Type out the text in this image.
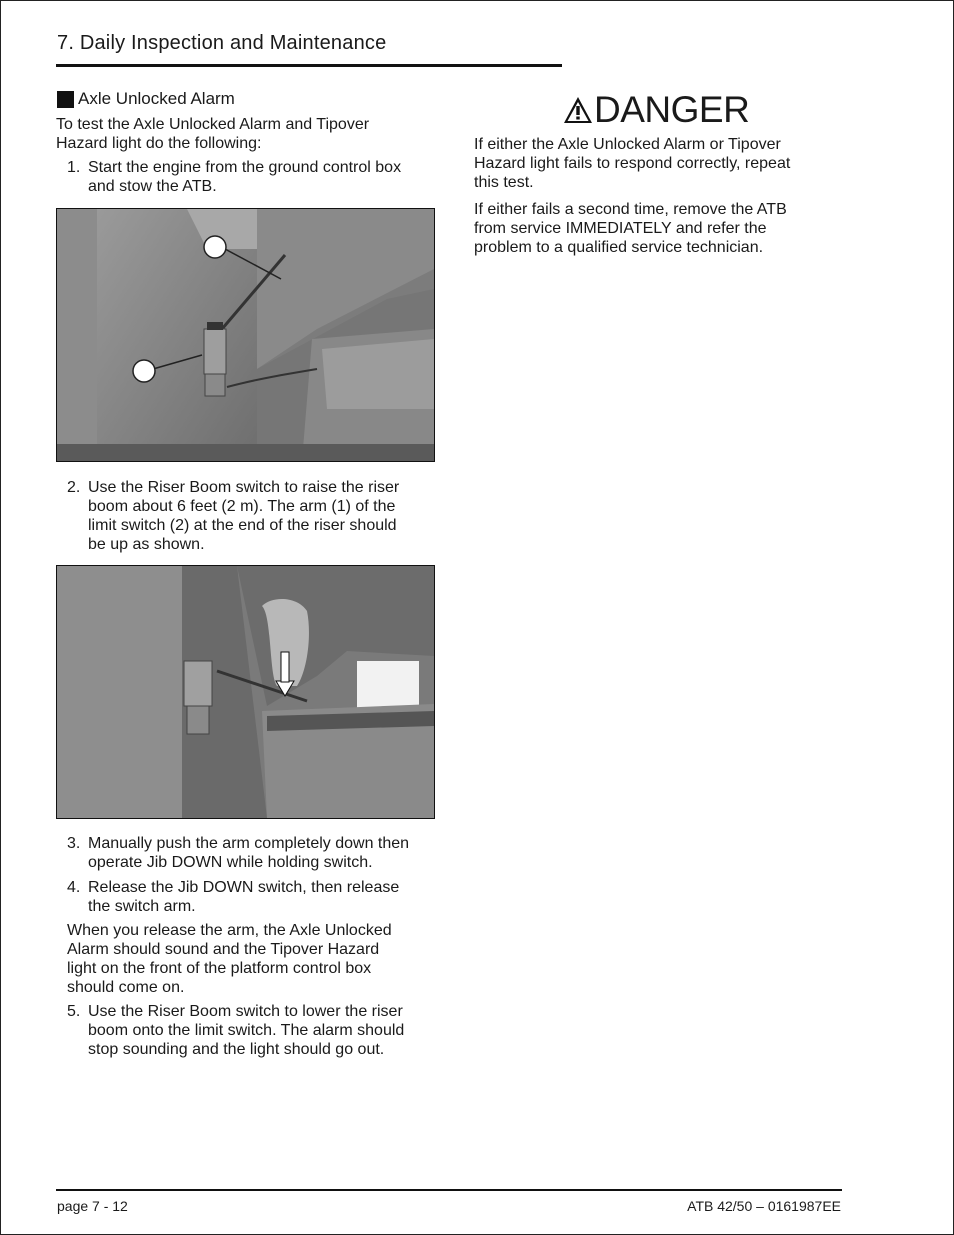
7. Daily Inspection and Maintenance
Axle Unlocked Alarm
To test the Axle Unlocked Alarm and Tipover
Hazard light do the following:
1. Start the engine from the ground control box
and stow the ATB.
2. Use the Riser Boom switch to raise the riser
boom about 6 feet (2 m). The arm (1) of the
limit switch (2) at the end of the riser should
be up as shown.
3. Manually push the arm completely down then
operate Jib DOWN while holding switch.
4. Release the Jib DOWN switch, then release
the switch arm.
When you release the arm, the Axle Unlocked
Alarm should sound and the Tipover Hazard
light on the front of the platform control box
should come on.
5. Use the Riser Boom switch to lower the riser
boom onto the limit switch. The alarm should
stop sounding and the light should go out.
DANGER
If either the Axle Unlocked Alarm or Tipover
Hazard light fails to respond correctly, repeat
this test.
If either fails a second time, remove the ATB
from service IMMEDIATELY and refer the
problem to a qualified service technician.
page 7 - 12	ATB 42/50 – 0161987EE
